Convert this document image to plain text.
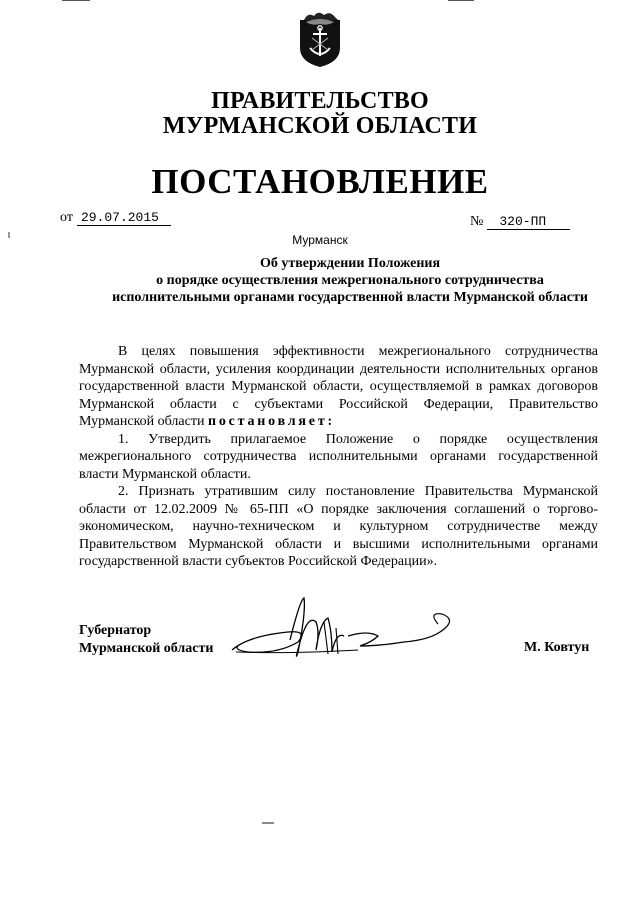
ПРАВИТЕЛЬСТВО
МУРМАНСКОЙ ОБЛАСТИ
ПОСТАНОВЛЕНИЕ
от 29.07.2015	№	320-ПП
Мурманск
Об утверждении Положения
о порядке осуществления межрегионального сотрудничества
исполнительными органами государственной власти Мурманской области

В целях повышения эффективности межрегионального сотрудничества Мурманской области, усиления координации деятельности исполнительных органов государственной власти Мурманской области, осуществляемой в рамках договоров Мурманской области с субъектами Российской Федерации, Правительство Мурманской области постановляет:

1. Утвердить прилагаемое Положение о порядке осуществления межрегионального сотрудничества исполнительными органами государственной власти Мурманской области.

2. Признать утратившим силу постановление Правительства Мурманской области от 12.02.2009 № 65-ПП «О порядке заключения соглашений о торгово-экономическом, научно-техническом и культурном сотрудничестве между Правительством Мурманской области и высшими исполнительными органами государственной власти субъектов Российской Федерации».

Губернатор
Мурманской области	М. Ковтун
